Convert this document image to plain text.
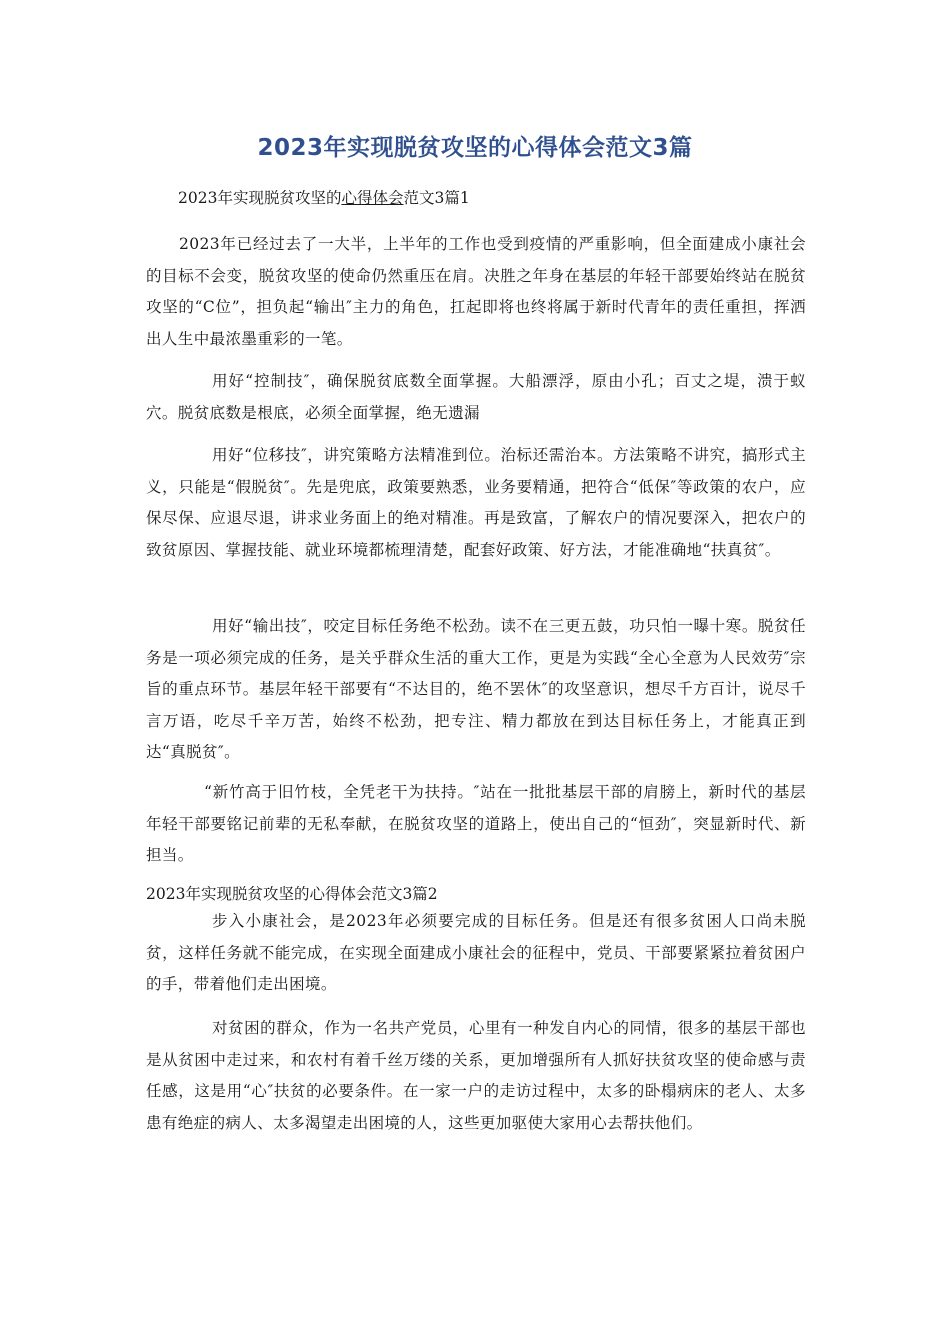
2023年实现脱贫攻坚的心得体会范文3篇
2023年实现脱贫攻坚的心得体会范文3篇1

2023年已经过去了一大半，上半年的工作也受到疫情的严重影响，但全面建成小康社会的目标不会变，脱贫攻坚的使命仍然重压在肩。决胜之年身在基层的年轻干部要始终站在脱贫攻坚的“C位”，担负起“输出″主力的角色，扛起即将也终将属于新时代青年的责任重担，挥洒出人生中最浓墨重彩的一笔。

用好“控制技″，确保脱贫底数全面掌握。大船漂浮，原由小孔；百丈之堤，溃于蚁穴。脱贫底数是根底，必须全面掌握，绝无遗漏

用好“位移技″，讲究策略方法精准到位。治标还需治本。方法策略不讲究，搞形式主义，只能是“假脱贫″。先是兜底，政策要熟悉，业务要精通，把符合“低保″等政策的农户，应保尽保、应退尽退，讲求业务面上的绝对精准。再是致富，了解农户的情况要深入，把农户的致贫原因、掌握技能、就业环境都梳理清楚，配套好政策、好方法，才能准确地“扶真贫″。

用好“输出技″，咬定目标任务绝不松劲。读不在三更五鼓，功只怕一曝十寒。脱贫任务是一项必须完成的任务，是关乎群众生活的重大工作，更是为实践“全心全意为人民效劳″宗旨的重点环节。基层年轻干部要有“不达目的，绝不罢休″的攻坚意识，想尽千方百计，说尽千言万语，吃尽千辛万苦，始终不松劲，把专注、精力都放在到达目标任务上，才能真正到达“真脱贫″。

“新竹高于旧竹枝，全凭老干为扶持。″站在一批批基层干部的肩膀上，新时代的基层年轻干部要铭记前辈的无私奉献，在脱贫攻坚的道路上，使出自己的“恒劲″，突显新时代、新担当。

2023年实现脱贫攻坚的心得体会范文3篇2

步入小康社会，是2023年必须要完成的目标任务。但是还有很多贫困人口尚未脱贫，这样任务就不能完成，在实现全面建成小康社会的征程中，党员、干部要紧紧拉着贫困户的手，带着他们走出困境。

对贫困的群众，作为一名共产党员，心里有一种发自内心的同情，很多的基层干部也是从贫困中走过来，和农村有着千丝万缕的关系，更加增强所有人抓好扶贫攻坚的使命感与责任感，这是用“心″扶贫的必要条件。在一家一户的走访过程中，太多的卧榻病床的老人、太多患有绝症的病人、太多渴望走出困境的人，这些更加驱使大家用心去帮扶他们。
